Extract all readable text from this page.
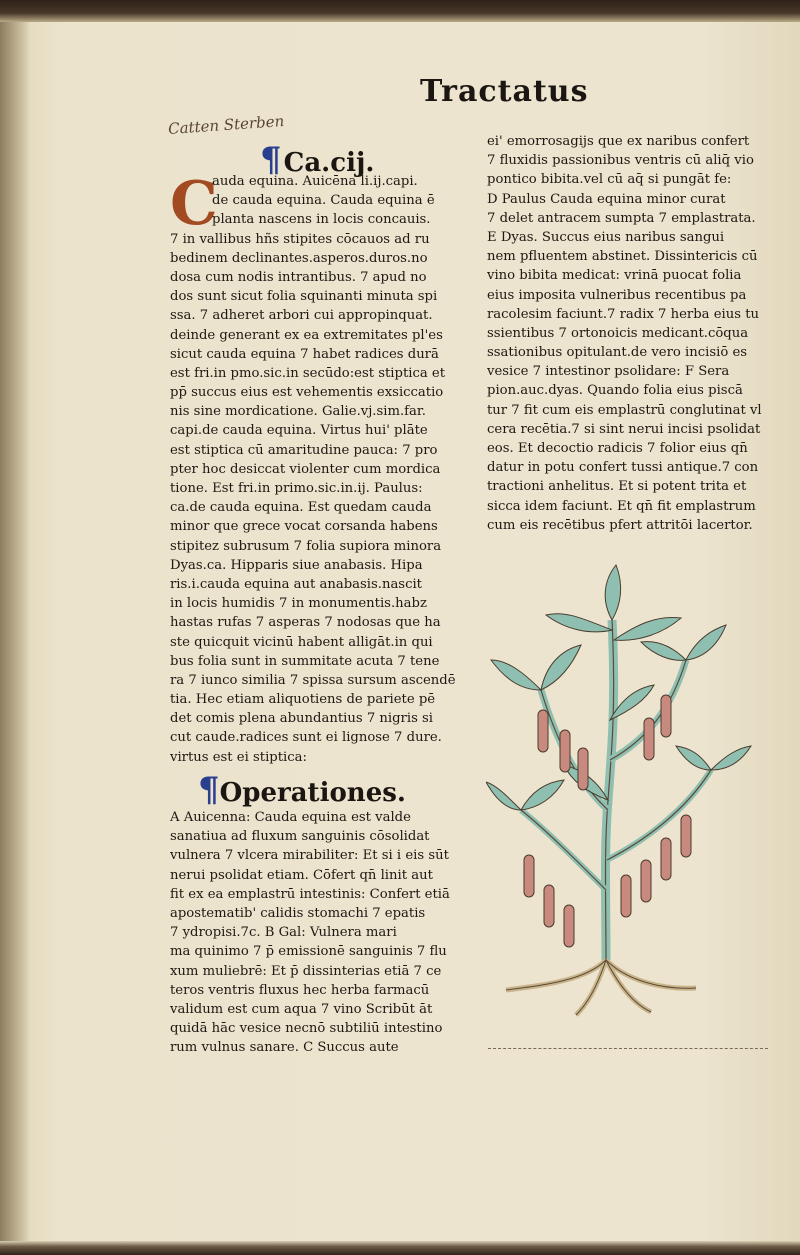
Tractatus
Catten Sterben
¶Ca.cij.
C
auda equina. Auicēna li.ij.capi.
de cauda equina. Cauda equina ē
planta nascens in locis concauis.
7 in vallibus hñs stipites cōcauos ad ru
bedinem declinantes.asperos.duros.no
dosa cum nodis intrantibus. 7 apud no
dos sunt sicut folia squinanti minuta spi
ssa. 7 adheret arbori cui appropinquat.
deinde generant ex ea extremitates pl'es
sicut cauda equina 7 habet radices durā
est fri.in pmo.sic.in secūdo:est stiptica et
pp̄ succus eius est vehementis exsiccatio
nis sine mordicatione. Galie.vj.sim.far.
capi.de cauda equina. Virtus hui' plāte
est stiptica cū amaritudine pauca: 7 pro
pter hoc desiccat violenter cum mordica
tione. Est fri.in primo.sic.in.ij. Paulus:
ca.de cauda equina. Est quedam cauda
minor que grece vocat corsanda habens
stipitez subrusum 7 folia supiora minora
Dyas.ca. Hipparis siue anabasis. Hipa
ris.i.cauda equina aut anabasis.nascit
in locis humidis 7 in monumentis.habz
hastas rufas 7 asperas 7 nodosas que ha
ste quicquit vicinū habent alligāt.in qui
bus folia sunt in summitate acuta 7 tene
ra 7 iunco similia 7 spissa sursum ascendē
tia. Hec etiam aliquotiens de pariete pē
det comis plena abundantius 7 nigris si
cut caude.radices sunt ei lignose 7 dure.
virtus est ei stiptica:
¶Operationes.
A Auicenna: Cauda equina est valde
sanatiua ad fluxum sanguinis cōsolidat
vulnera 7 vlcera mirabiliter: Et si i eis sūt
nerui psolidat etiam. Cōfert qn̄ linit aut
fit ex ea emplastrū intestinis: Confert etiā
apostematib' calidis stomachi 7 epatis
7 ydropisi.7c. B Gal: Vulnera mari
ma quinimo 7 p̄ emissionē sanguinis 7 flu
xum muliebrē: Et p̄ dissinterias etiā 7 ce
teros ventris fluxus hec herba farmacū
validum est cum aqua 7 vino Scribūt āt
quidā hāc vesice necnō subtiliū intestino
rum vulnus sanare. C Succus aute
ei' emorrosagijs que ex naribus confert
7 fluxidis passionibus ventris cū aliq̄ vio
pontico bibita.vel cū aq̄ si pungāt fe:
D Paulus Cauda equina minor curat
7 delet antracem sumpta 7 emplastrata.
E Dyas. Succus eius naribus sangui
nem pfluentem abstinet. Dissintericis cū
vino bibita medicat: vrinā puocat folia
eius imposita vulneribus recentibus pa
racolesim faciunt.7 radix 7 herba eius tu
ssientibus 7 ortonoicis medicant.cōqua
ssationibus opitulant.de vero incisiō es
vesice 7 intestinor psolidare: F Sera
pion.auc.dyas. Quando folia eius piscā
tur 7 fit cum eis emplastrū conglutinat vl
cera recētia.7 si sint nerui incisi psolidat
eos. Et decoctio radicis 7 folior eius qn̄
datur in potu confert tussi antique.7 con
tractioni anhelitus. Et si potent trita et
sicca idem faciunt. Et qn̄ fit emplastrum
cum eis recētibus pfert attritōi lacertor.
